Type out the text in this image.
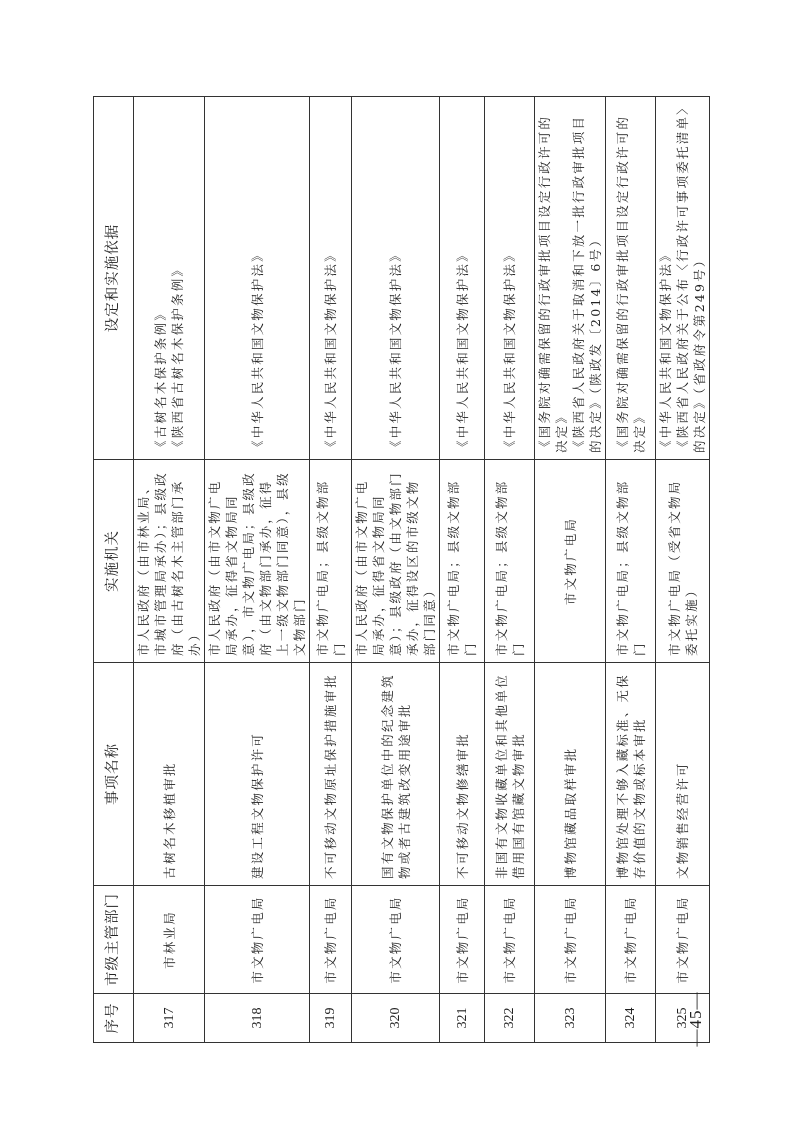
序号	市级主管部门	事项名称	实施机关	设定和实施依据
317	市林业局	古树名木移植审批	市人民政府（由市林业局、市城市管理局承办）；县级政府（由古树名木主管部门承办）	《古树名木保护条例》 《陕西省古树名木保护条例》

318	市文物广电局	建设工程文物保护许可	市人民政府（由市文物广电局承办，征得省文物局同意），市文物广电局；县级政府（由文物部门承办，征得上一级文物部门同意），县级文物部门	《中华人民共和国文物保护法》

319	市文物广电局	不可移动文物原址保护措施审批	市文物广电局；县级文物部门	《中华人民共和国文物保护法》

320	市文物广电局	国有文物保护单位中的纪念建筑物或者古建筑改变用途审批	市人民政府（由市文物广电局承办，征得省文物局同意）；县级政府（由文物部门承办，征得设区的市级文物部门同意）	《中华人民共和国文物保护法》

321	市文物广电局	不可移动文物修缮审批	市文物广电局；县级文物部门	《中华人民共和国文物保护法》

322	市文物广电局	非国有文物收藏单位和其他单位借用国有馆藏文物审批	市文物广电局；县级文物部门	《中华人民共和国文物保护法》

323	市文物广电局	博物馆藏品取样审批	市文物广电局	《国务院对确需保留的行政审批项目设定行政许可的决定》 《陕西省人民政府关于取消和下放一批行政审批项目的决定》（陕政发〔2014〕6号）

324	市文物广电局	博物馆处理不够入藏标准、无保存价值的文物或标本审批	市文物广电局；县级文物部门	《国务院对确需保留的行政审批项目设定行政许可的决定》

325	市文物广电局	文物销售经营许可	市文物广电局（受省文物局委托实施）	《中华人民共和国文物保护法》 《陕西省人民政府关于公布〈行政许可事项委托清单〉的决定》（省政府令第249号）
—45—
